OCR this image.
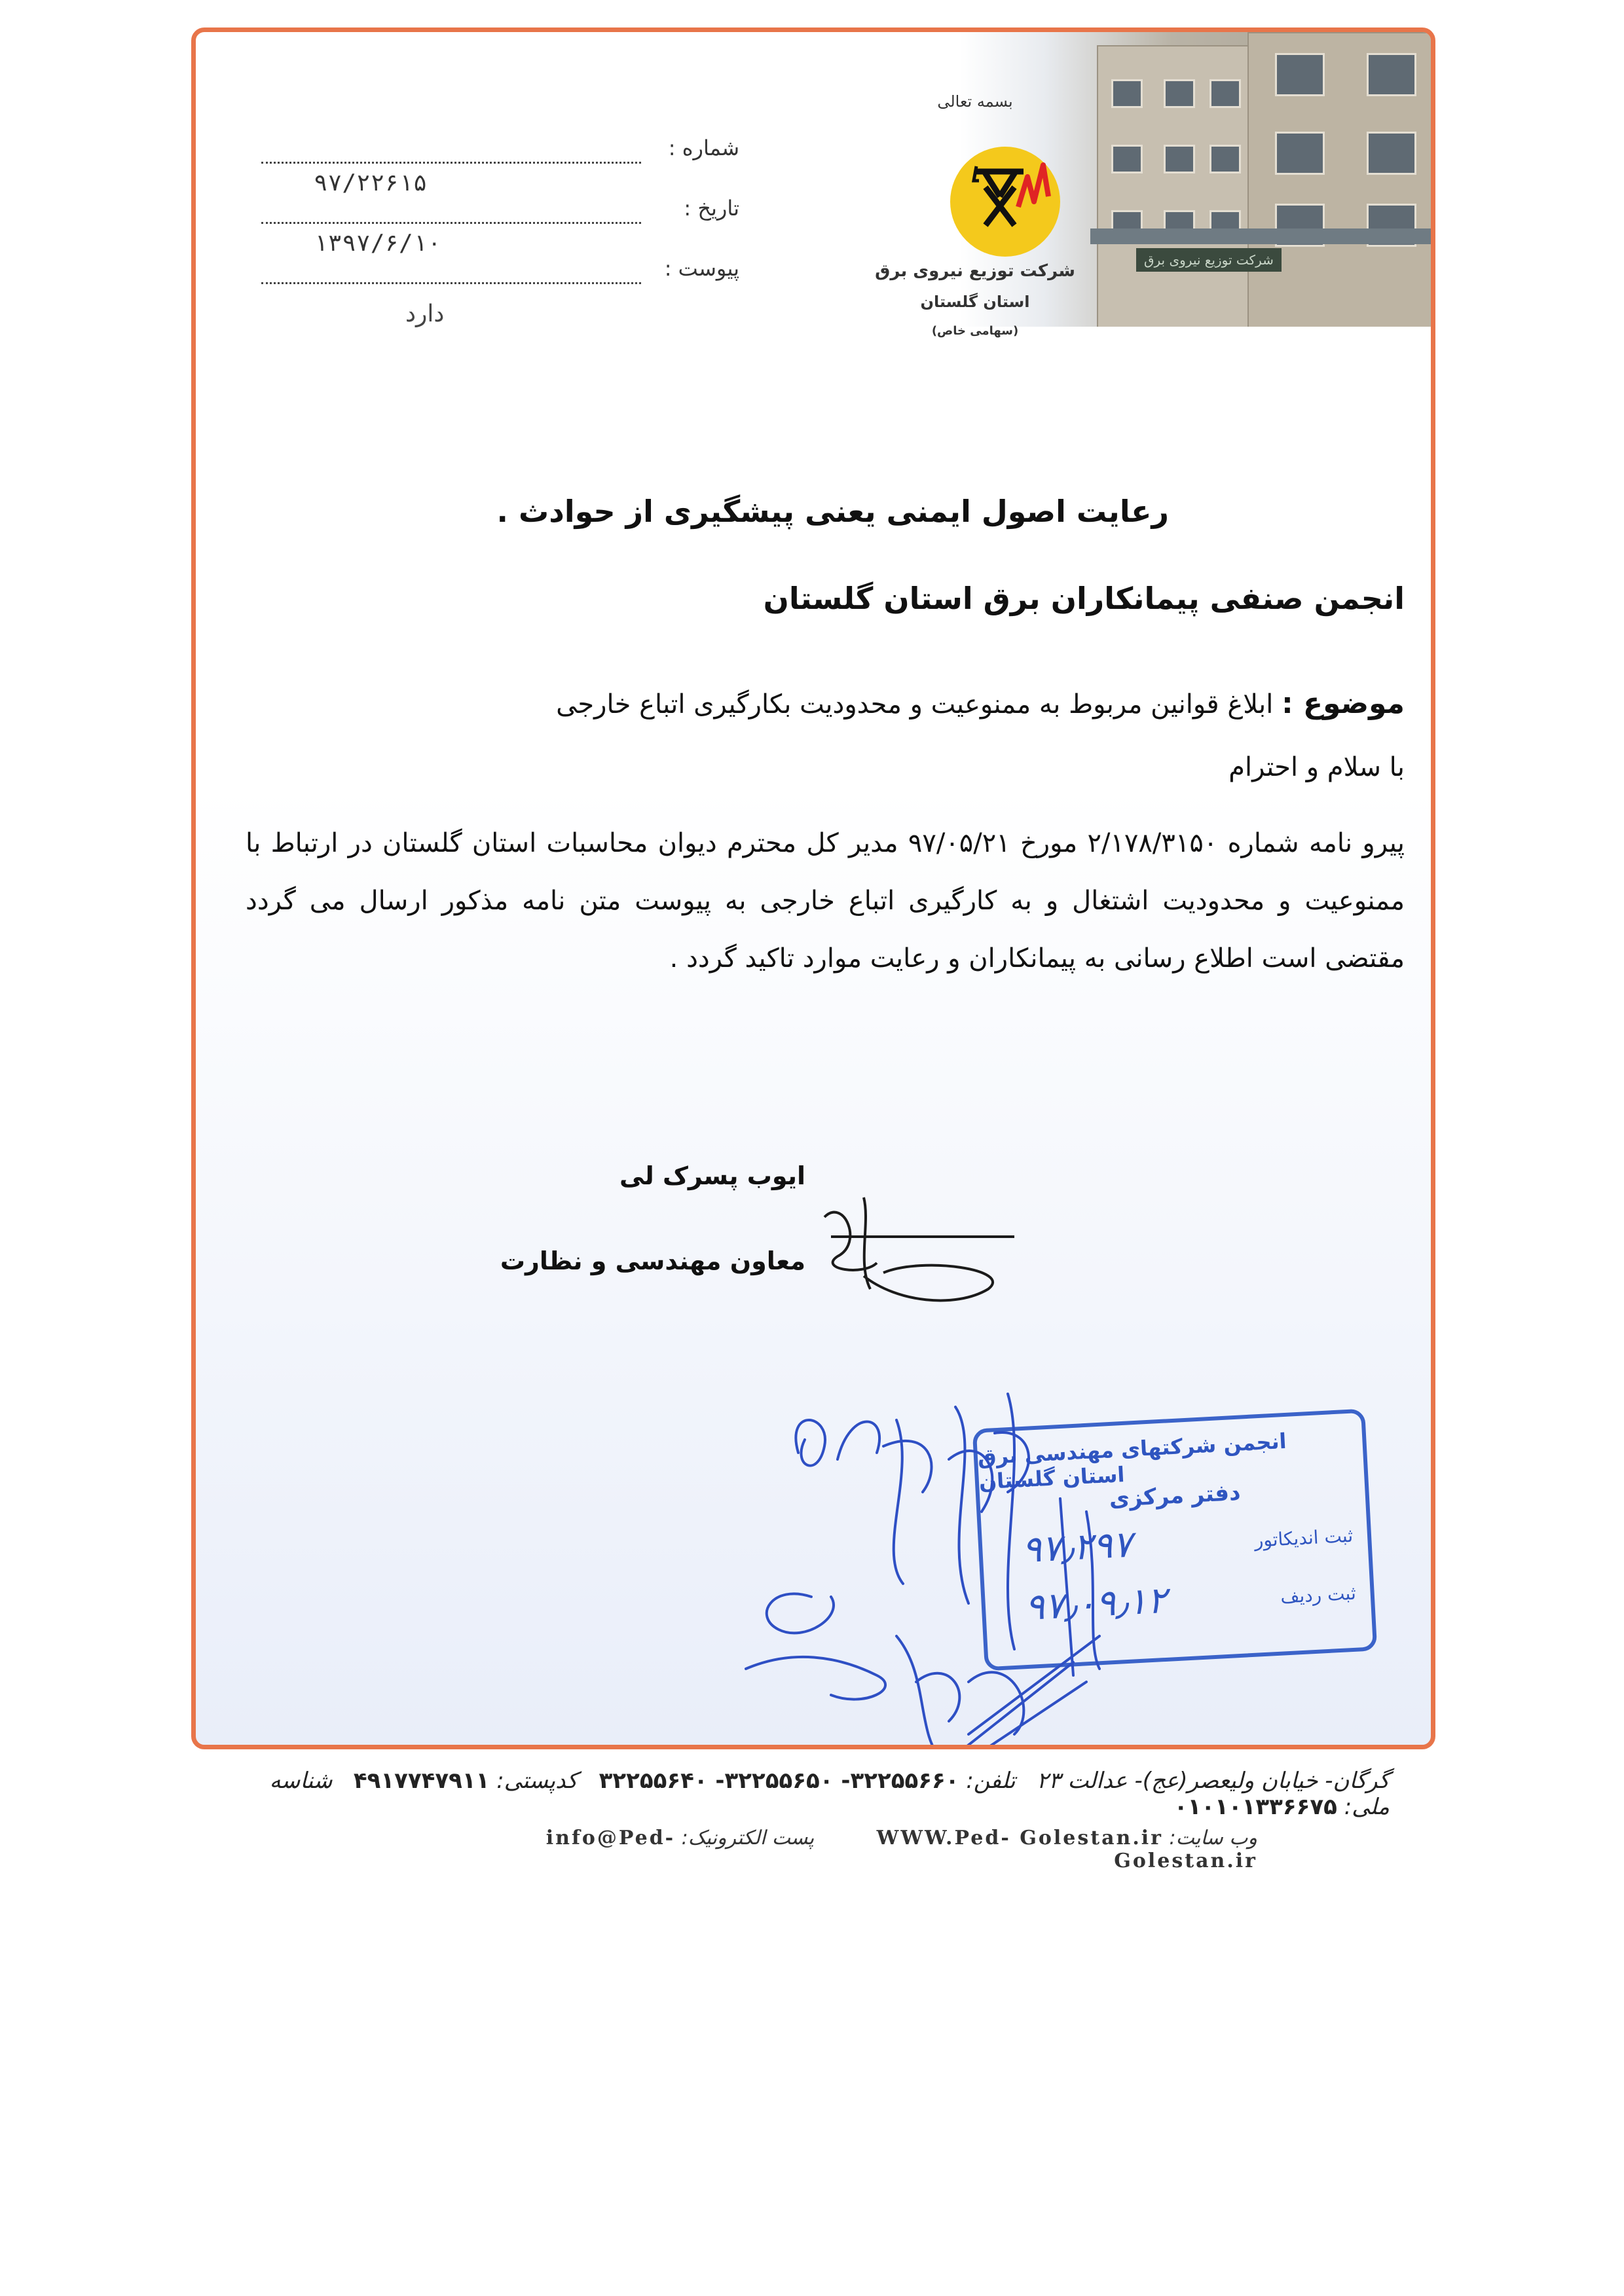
شرکت توزیع نیروی برق
شماره :
۹۷/۲۲۶۱۵
تاریخ :
۱۳۹۷/۶/۱۰
پیوست :
دارد
بسمه تعالی
شرکت توزیع نیروی برق
استان گلستان
(سهامی خاص)
رعایت اصول ایمنی یعنی پیشگیری از حوادث .
انجمن صنفی پیمانکاران برق استان گلستان
موضوع : ابلاغ قوانین مربوط به ممنوعیت و محدودیت بکارگیری اتباع خارجی
با سلام و احترام
پیرو نامه شماره ۲/۱۷۸/۳۱۵۰ مورخ ۹۷/۰۵/۲۱ مدیر کل محترم دیوان محاسبات استان گلستان در ارتباط با ممنوعیت و محدودیت اشتغال و به کارگیری اتباع خارجی به پیوست متن نامه مذکور ارسال می گردد مقتضی است اطلاع رسانی به پیمانکاران و رعایت موارد تاکید گردد .
ایوب پسرک لی
معاون مهندسی و نظارت
انجمن شرکتهای مهندسی برق استان گلستان
دفتر مرکزی
ثبت اندیکاتور
۹۷٫۲۹۷
ثبت ردیف
۹۷٫۰۹٫۱۲
گرگان- خیابان ولیعصر(عج)- عدالت ۲۳   تلفن: ۳۲۲۵۵۶۶۰- ۳۲۲۵۵۶۵۰- ۳۲۲۵۵۶۴۰   کدپستی: ۴۹۱۷۷۴۷۹۱۱   شناسه ملی: ۰۱۰۱۰۱۳۳۶۶۷۵
وب سایت: WWW.Ped- Golestan.ir          پست الکترونیک: info@Ped- Golestan.ir
